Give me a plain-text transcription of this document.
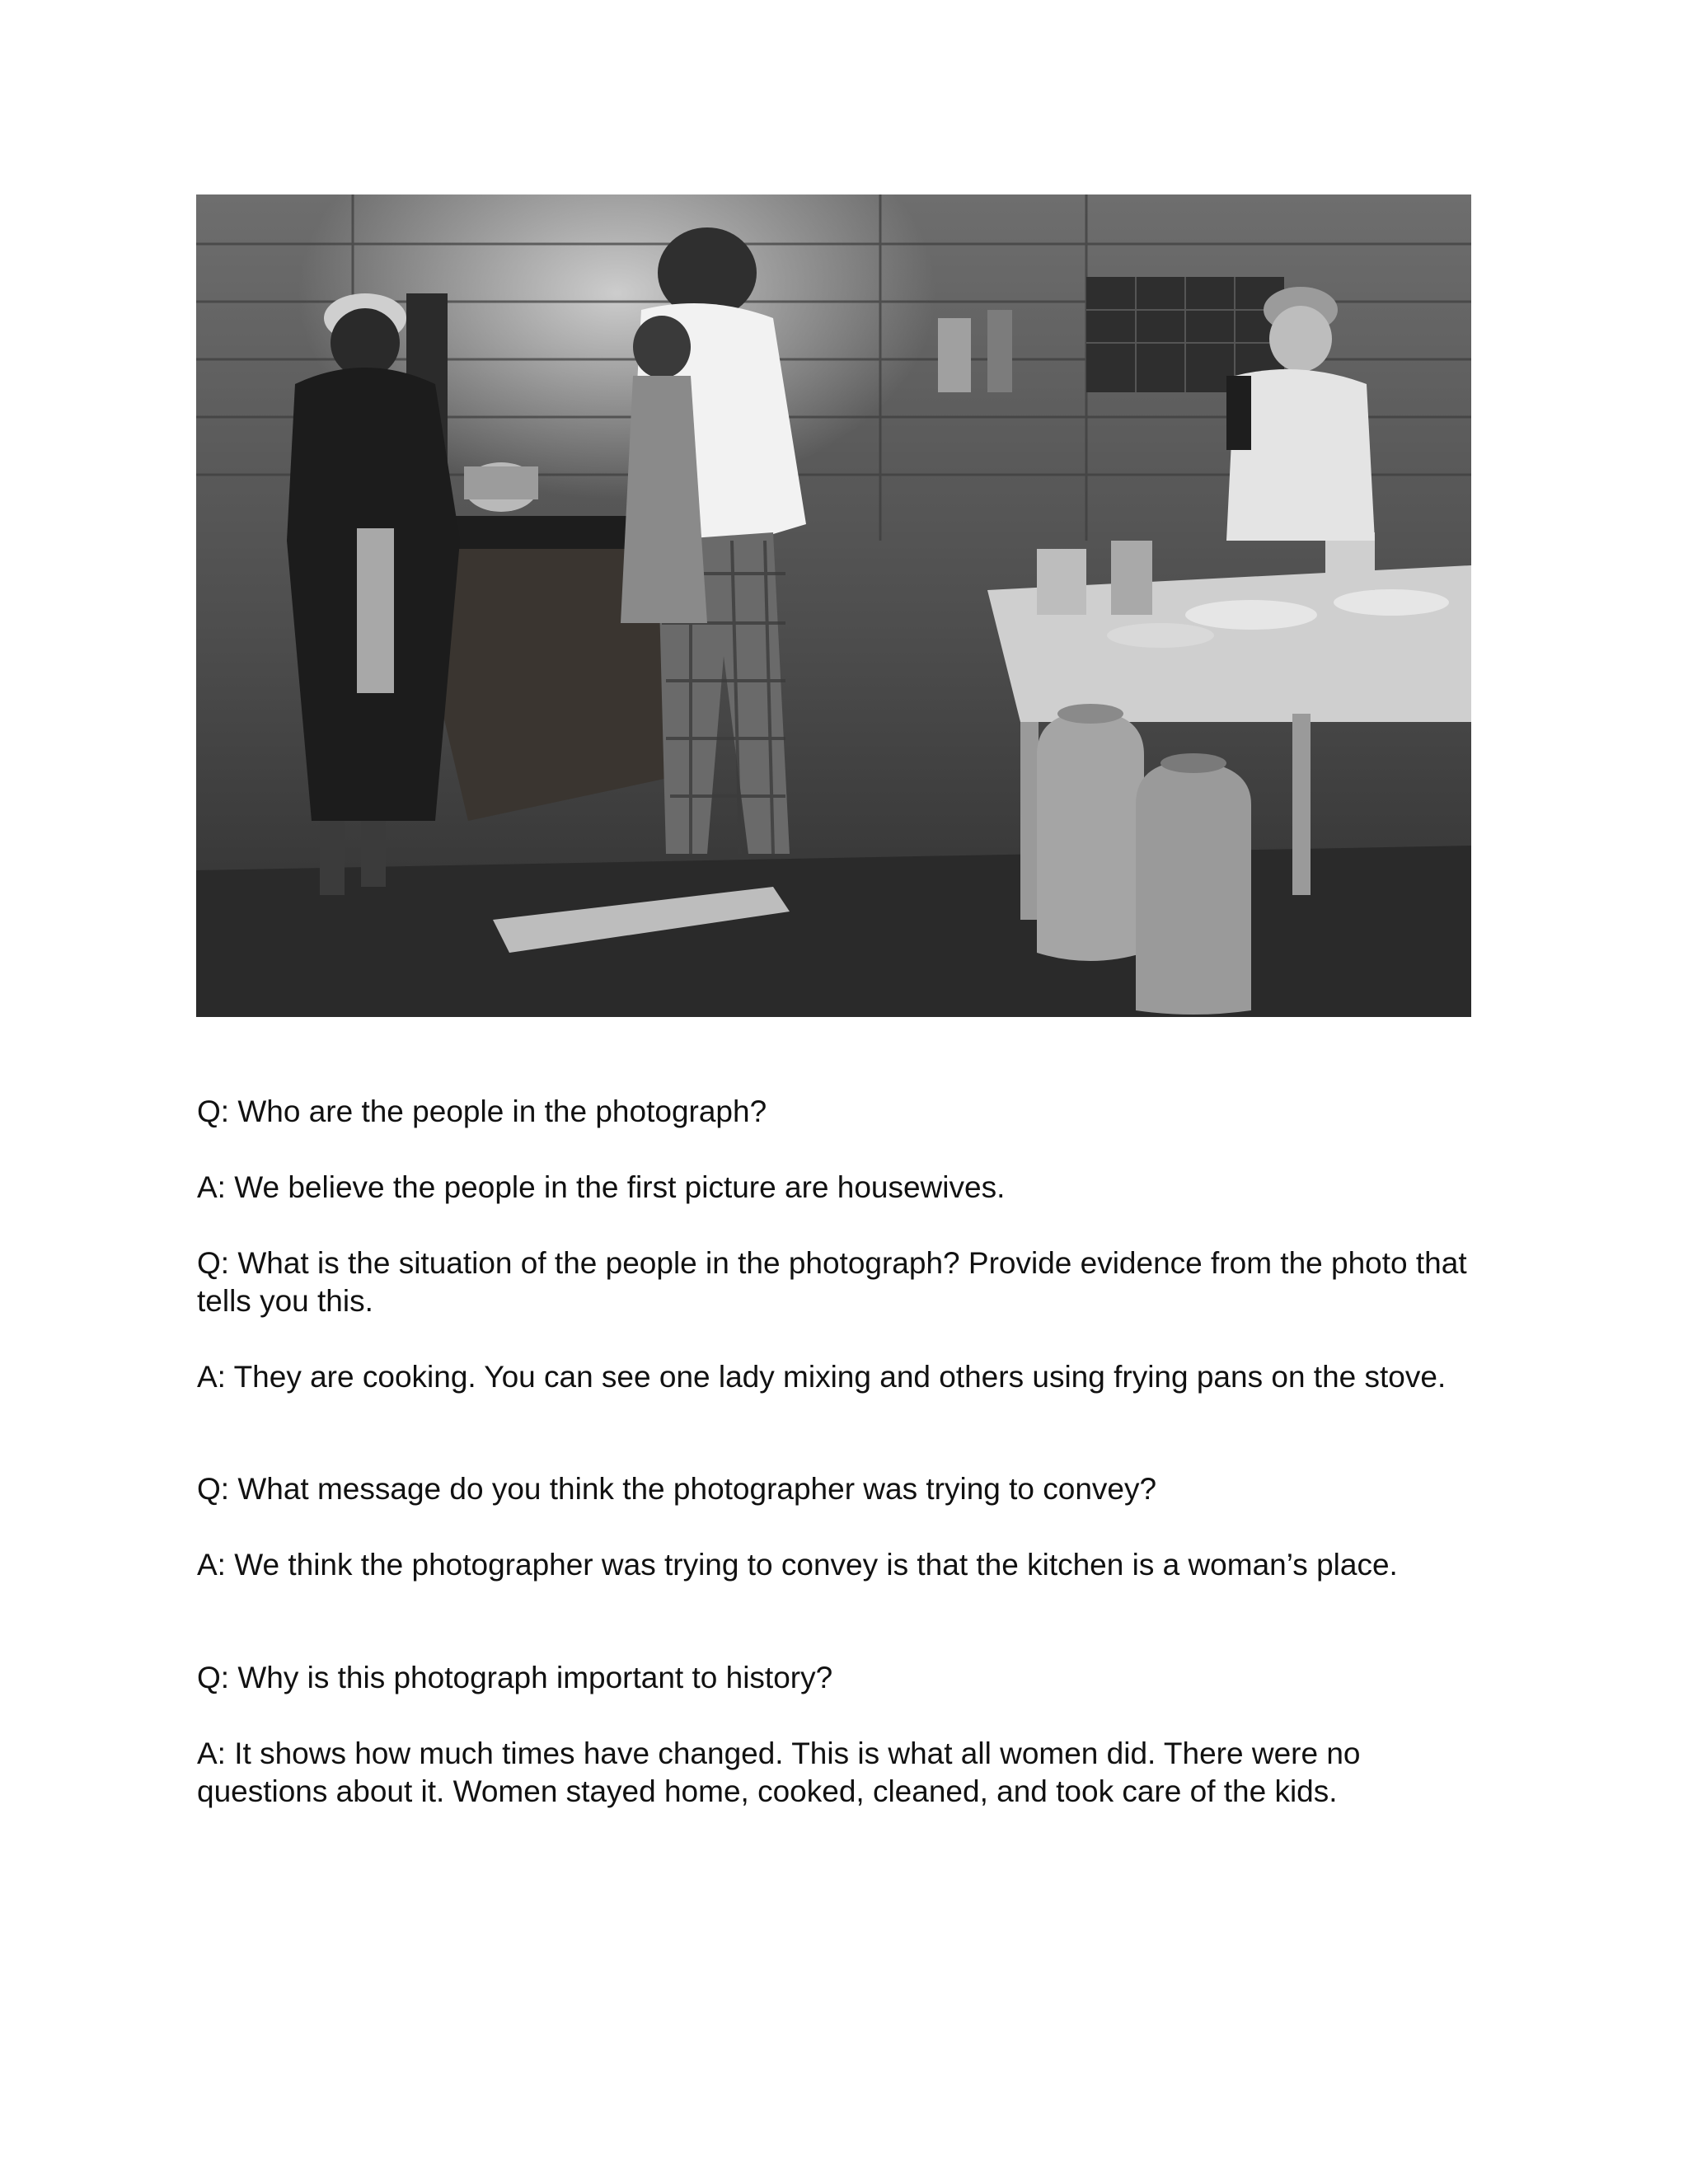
Q: Who are the people in the photograph?

A: We believe the people in the first picture are housewives.

Q: What is the situation of the people in the photograph? Provide evidence from the photo that tells you this.

A: They are cooking. You can see one lady mixing and others using frying pans on the stove.

Q: What message do you think the photographer was trying to convey?

A: We think the photographer was trying to convey is that the kitchen is a woman’s place.

Q: Why is this photograph important to history?

A: It shows how much times have changed. This is what all women did. There were no questions about it. Women stayed home, cooked, cleaned, and took care of the kids.
